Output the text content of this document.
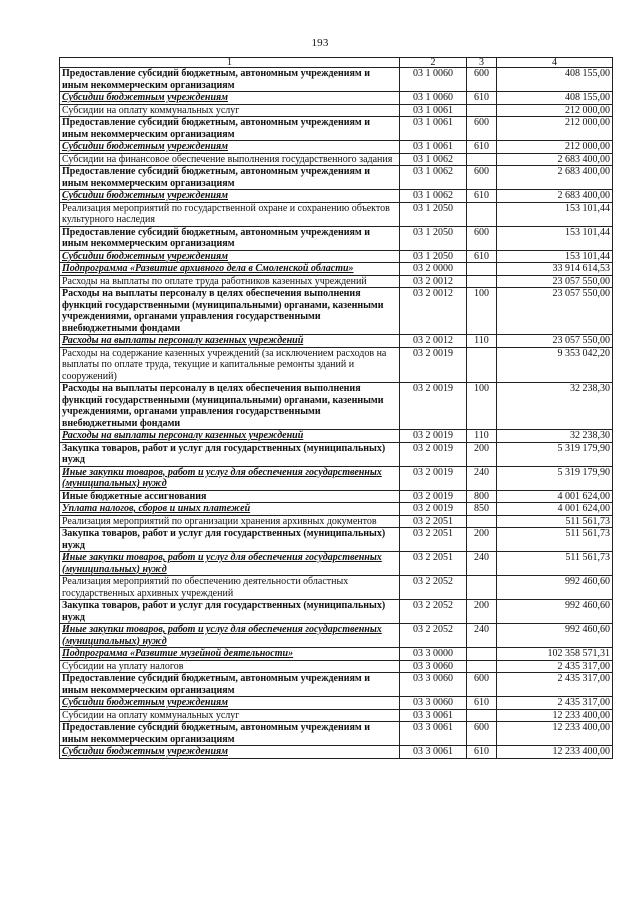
193
1	2	3	4
Предоставление субсидий бюджетным, автономным учреждениям и иным некоммерческим организациям	03 1 0060	600	408 155,00
Субсидии бюджетным учреждениям	03 1 0060	610	408 155,00
Субсидии на оплату коммунальных услуг	03 1 0061		212 000,00
Предоставление субсидий бюджетным, автономным учреждениям и иным некоммерческим организациям	03 1 0061	600	212 000,00
Субсидии бюджетным учреждениям	03 1 0061	610	212 000,00
Субсидии на финансовое обеспечение выполнения государственного задания	03 1 0062		2 683 400,00
Предоставление субсидий бюджетным, автономным учреждениям и иным некоммерческим организациям	03 1 0062	600	2 683 400,00
Субсидии бюджетным учреждениям	03 1 0062	610	2 683 400,00
Реализация мероприятий по государственной охране и сохранению объектов культурного наследия	03 1 2050		153 101,44
Предоставление субсидий бюджетным, автономным учреждениям и иным некоммерческим организациям	03 1 2050	600	153 101,44
Субсидии бюджетным учреждениям	03 1 2050	610	153 101,44
Подпрограмма «Развитие архивного дела в Смоленской области»	03 2 0000		33 914 614,53
Расходы на выплаты по оплате труда работников казенных учреждений	03 2 0012		23 057 550,00
Расходы на выплаты персоналу в целях обеспечения выполнения функций государственными (муниципальными) органами, казенными учреждениями, органами управления государственными внебюджетными фондами	03 2 0012	100	23 057 550,00
Расходы на выплаты персоналу казенных учреждений	03 2 0012	110	23 057 550,00
Расходы на содержание казенных учреждений (за исключением расходов на выплаты по оплате труда, текущие и капитальные ремонты зданий и сооружений)	03 2 0019		9 353 042,20
Расходы на выплаты персоналу в целях обеспечения выполнения функций государственными (муниципальными) органами, казенными учреждениями, органами управления государственными внебюджетными фондами	03 2 0019	100	32 238,30
Расходы на выплаты персоналу казенных учреждений	03 2 0019	110	32 238,30
Закупка товаров, работ и услуг для государственных (муниципальных) нужд	03 2 0019	200	5 319 179,90
Иные закупки товаров, работ и услуг для обеспечения государственных (муниципальных) нужд	03 2 0019	240	5 319 179,90
Иные бюджетные ассигнования	03 2 0019	800	4 001 624,00
Уплата налогов, сборов и иных платежей	03 2 0019	850	4 001 624,00
Реализация мероприятий по организации хранения архивных документов	03 2 2051		511 561,73
Закупка товаров, работ и услуг для государственных (муниципальных) нужд	03 2 2051	200	511 561,73
Иные закупки товаров, работ и услуг для обеспечения государственных (муниципальных) нужд	03 2 2051	240	511 561,73
Реализация мероприятий по обеспечению деятельности областных государственных архивных учреждений	03 2 2052		992 460,60
Закупка товаров, работ и услуг для государственных (муниципальных) нужд	03 2 2052	200	992 460,60
Иные закупки товаров, работ и услуг для обеспечения государственных (муниципальных) нужд	03 2 2052	240	992 460,60
Подпрограмма «Развитие музейной деятельности»	03 3 0000		102 358 571,31
Субсидии на уплату налогов	03 3 0060		2 435 317,00
Предоставление субсидий бюджетным, автономным учреждениям и иным некоммерческим организациям	03 3 0060	600	2 435 317,00
Субсидии бюджетным учреждениям	03 3 0060	610	2 435 317,00
Субсидии на оплату коммунальных услуг	03 3 0061		12 233 400,00
Предоставление субсидий бюджетным, автономным учреждениям и иным некоммерческим организациям	03 3 0061	600	12 233 400,00
Субсидии бюджетным учреждениям	03 3 0061	610	12 233 400,00
